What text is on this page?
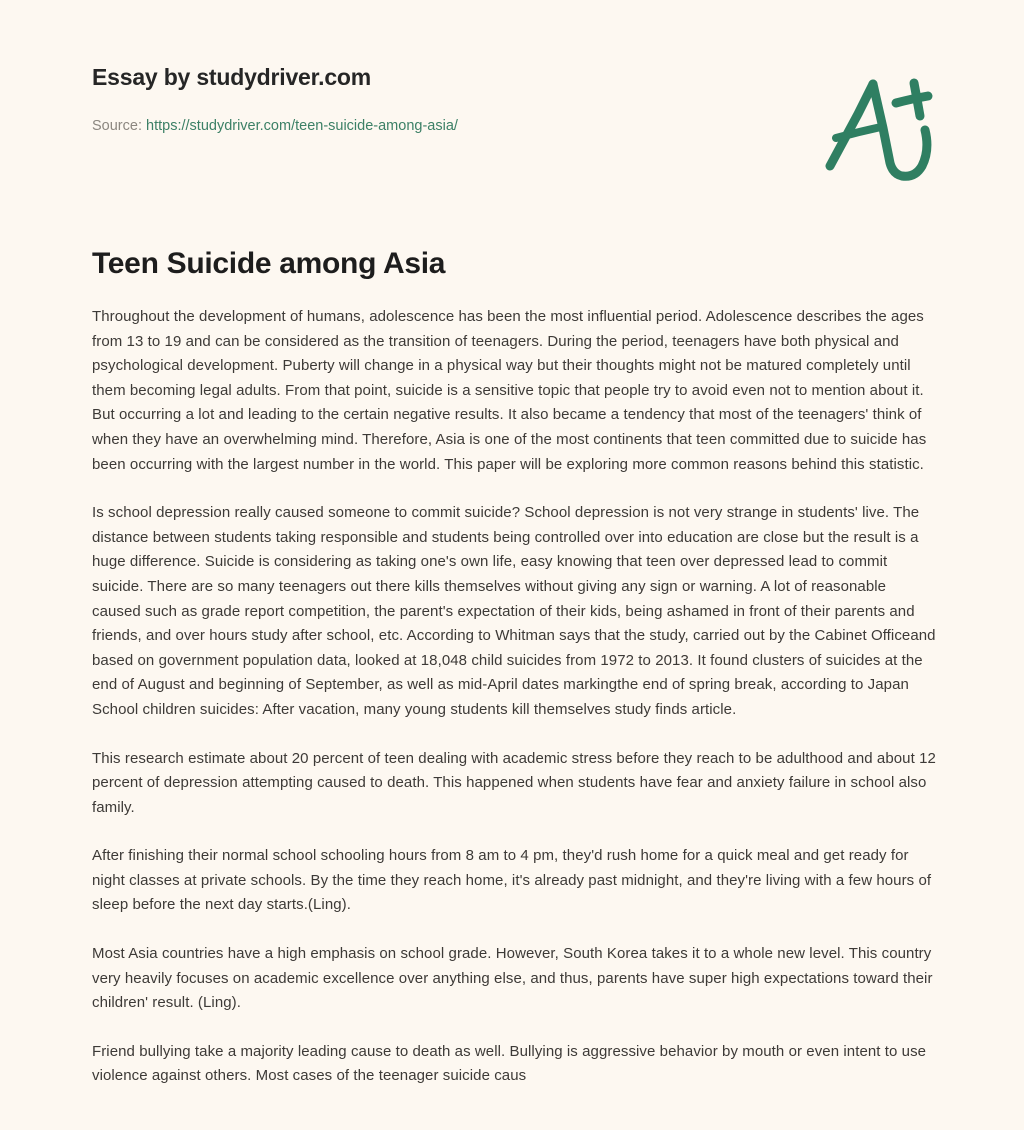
Essay by studydriver.com
Source: https://studydriver.com/teen-suicide-among-asia/
Teen Suicide among Asia

Throughout the development of humans, adolescence has been the most influential period. Adolescence describes the ages from 13 to 19 and can be considered as the transition of teenagers. During the period, teenagers have both physical and psychological development. Puberty will change in a physical way but their thoughts might not be matured completely until them becoming legal adults. From that point, suicide is a sensitive topic that people try to avoid even not to mention about it. But occurring a lot and leading to the certain negative results. It also became a tendency that most of the teenagers' think of when they have an overwhelming mind. Therefore, Asia is one of the most continents that teen committed due to suicide has been occurring with the largest number in the world. This paper will be exploring more common reasons behind this statistic.

Is school depression really caused someone to commit suicide? School depression is not very strange in students' live. The distance between students taking responsible and students being controlled over into education are close but the result is a huge difference. Suicide is considering as taking one's own life, easy knowing that teen over depressed lead to commit suicide. There are so many teenagers out there kills themselves without giving any sign or warning. A lot of reasonable caused such as grade report competition, the parent's expectation of their kids, being ashamed in front of their parents and friends, and over hours study after school, etc. According to Whitman says that the study, carried out by the Cabinet Officeand based on government population data, looked at 18,048 child suicides from 1972 to 2013. It found clusters of suicides at the end of August and beginning of September, as well as mid-April dates markingthe end of spring break, according to Japan School children suicides: After vacation, many young students kill themselves study finds article.

This research estimate about 20 percent of teen dealing with academic stress before they reach to be adulthood and about 12 percent of depression attempting caused to death. This happened when students have fear and anxiety failure in school also family.

After finishing their normal school schooling hours from 8 am to 4 pm, they'd rush home for a quick meal and get ready for night classes at private schools. By the time they reach home, it's already past midnight, and they're living with a few hours of sleep before the next day starts.(Ling).

Most Asia countries have a high emphasis on school grade. However, South Korea takes it to a whole new level. This country very heavily focuses on academic excellence over anything else, and thus, parents have super high expectations toward their children' result. (Ling).

Friend bullying take a majority leading cause to death as well. Bullying is aggressive behavior by mouth or even intent to use violence against others. Most cases of the teenager suicide caus
